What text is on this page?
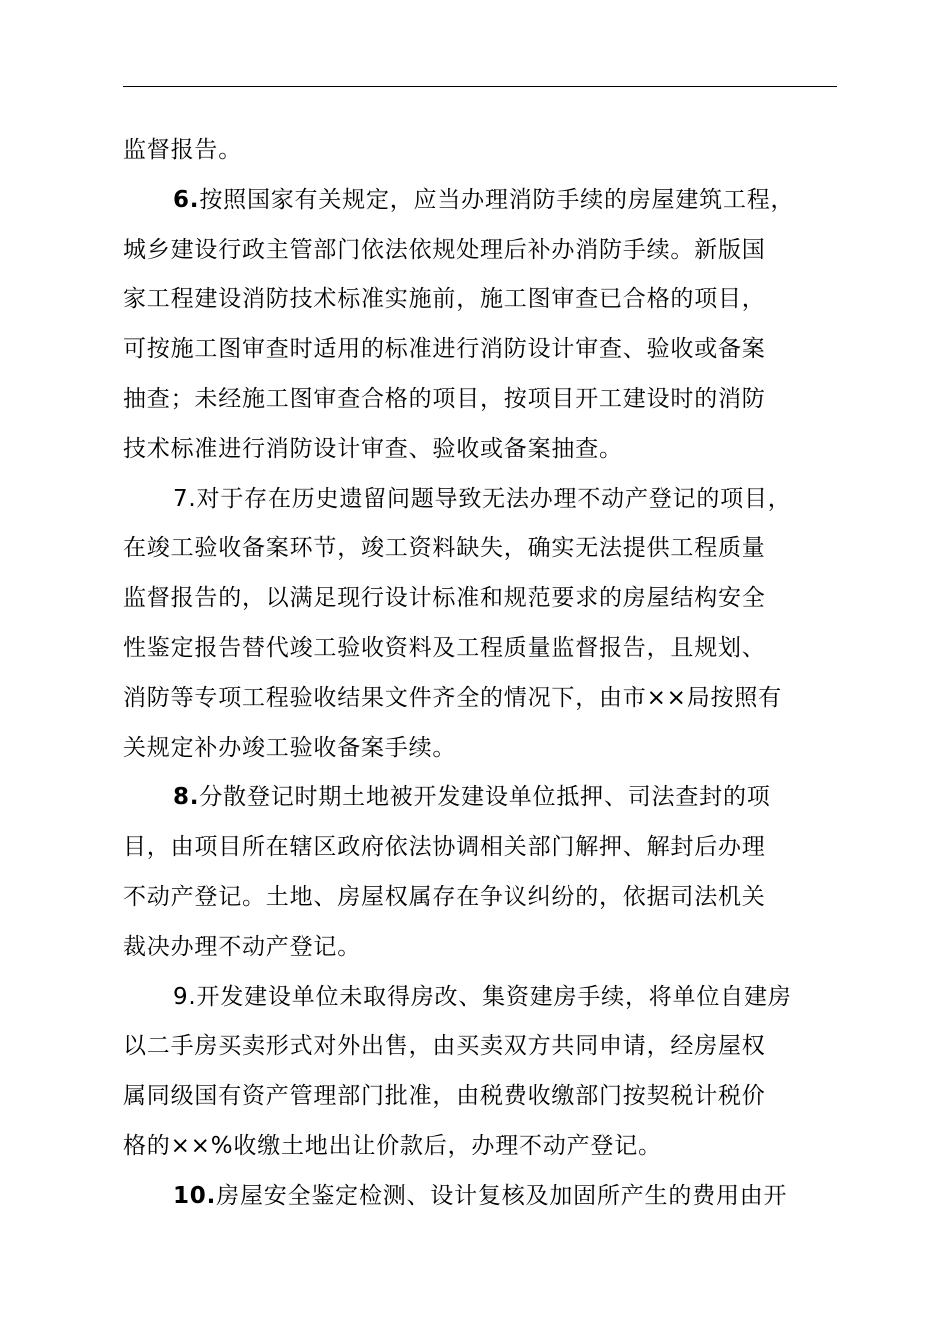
监督报告。
6.按照国家有关规定，应当办理消防手续的房屋建筑工程，
城乡建设行政主管部门依法依规处理后补办消防手续。新版国
家工程建设消防技术标准实施前，施工图审查已合格的项目，
可按施工图审查时适用的标准进行消防设计审查、验收或备案
抽查；未经施工图审查合格的项目，按项目开工建设时的消防
技术标准进行消防设计审查、验收或备案抽查。
7.对于存在历史遗留问题导致无法办理不动产登记的项目，
在竣工验收备案环节，竣工资料缺失，确实无法提供工程质量
监督报告的，以满足现行设计标准和规范要求的房屋结构安全
性鉴定报告替代竣工验收资料及工程质量监督报告，且规划、
消防等专项工程验收结果文件齐全的情况下，由市××局按照有
关规定补办竣工验收备案手续。
8.分散登记时期土地被开发建设单位抵押、司法查封的项
目，由项目所在辖区政府依法协调相关部门解押、解封后办理
不动产登记。土地、房屋权属存在争议纠纷的，依据司法机关
裁决办理不动产登记。
9.开发建设单位未取得房改、集资建房手续，将单位自建房
以二手房买卖形式对外出售，由买卖双方共同申请，经房屋权
属同级国有资产管理部门批准，由税费收缴部门按契税计税价
格的××%收缴土地出让价款后，办理不动产登记。
10.房屋安全鉴定检测、设计复核及加固所产生的费用由开
